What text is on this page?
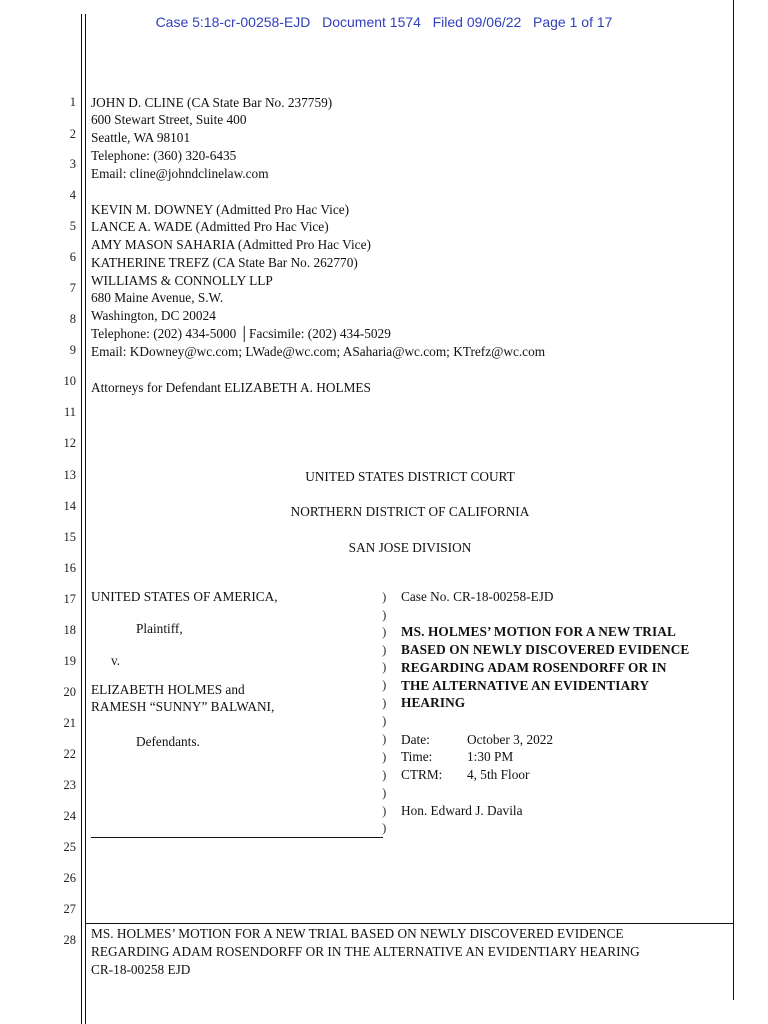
Case 5:18-cr-00258-EJD Document 1574 Filed 09/06/22 Page 1 of 17
1
2
3
4
5
6
7
8
9
10
11
12
13
14
15
16
17
18
19
20
21
22
23
24
25
26
27
28
JOHN D. CLINE (CA State Bar No. 237759)
600 Stewart Street, Suite 400
Seattle, WA 98101
Telephone: (360) 320-6435
Email: cline@johndclinelaw.com
KEVIN M. DOWNEY (Admitted Pro Hac Vice)
LANCE A. WADE (Admitted Pro Hac Vice)
AMY MASON SAHARIA (Admitted Pro Hac Vice)
KATHERINE TREFZ (CA State Bar No. 262770)
WILLIAMS & CONNOLLY LLP
680 Maine Avenue, S.W.
Washington, DC 20024
Telephone: (202) 434-5000 │Facsimile: (202) 434-5029
Email: KDowney@wc.com; LWade@wc.com; ASaharia@wc.com; KTrefz@wc.com
Attorneys for Defendant ELIZABETH A. HOLMES
UNITED STATES DISTRICT COURT
NORTHERN DISTRICT OF CALIFORNIA
SAN JOSE DIVISION
UNITED STATES OF AMERICA,
Plaintiff,
v.
ELIZABETH HOLMES and
RAMESH “SUNNY” BALWANI,
Defendants.
)
)
)
)
)
)
)
)
)
)
)
)
)
)
Case No. CR-18-00258-EJD
MS. HOLMES’ MOTION FOR A NEW TRIAL
BASED ON NEWLY DISCOVERED EVIDENCE
REGARDING ADAM ROSENDORFF OR IN
THE ALTERNATIVE AN EVIDENTIARY
HEARING
Date:	October 3, 2022
Time:	1:30 PM
CTRM: 4, 5th Floor
Hon. Edward J. Davila
MS. HOLMES’ MOTION FOR A NEW TRIAL BASED ON NEWLY DISCOVERED EVIDENCE
REGARDING ADAM ROSENDORFF OR IN THE ALTERNATIVE AN EVIDENTIARY HEARING
CR-18-00258 EJD
